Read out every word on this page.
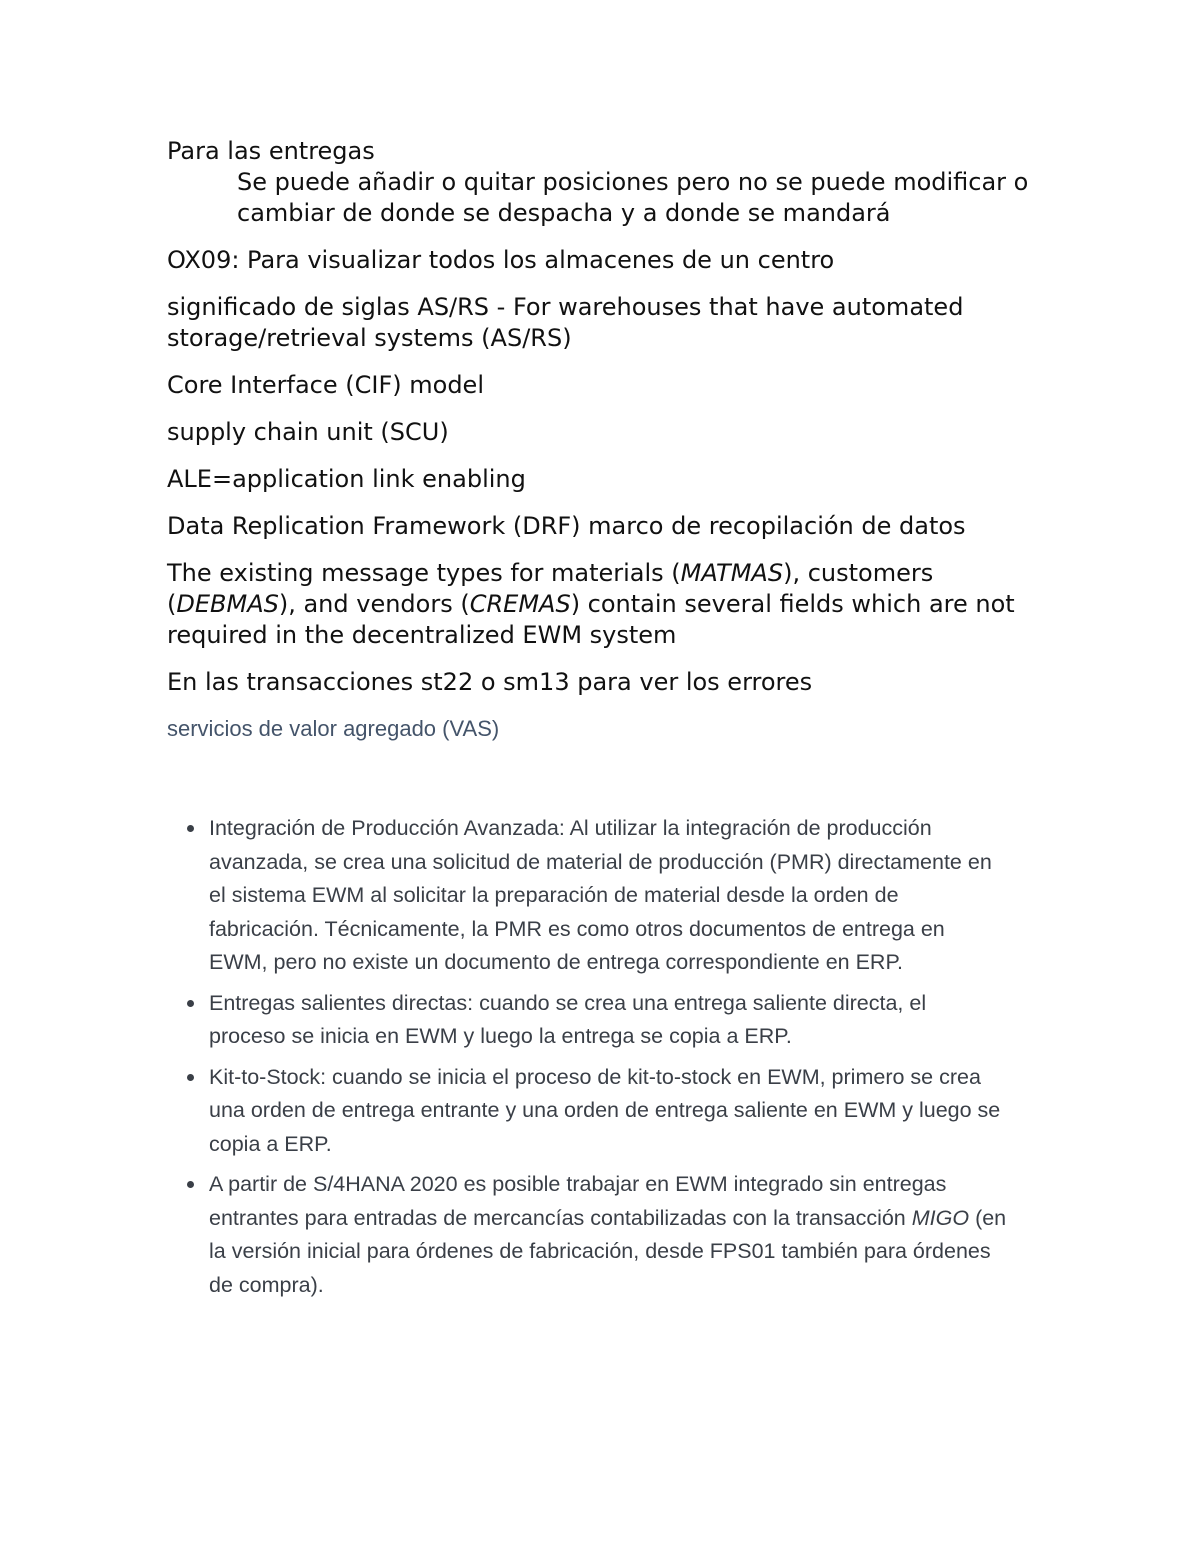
Para las entregas

Se puede añadir o quitar posiciones pero no se puede modificar o cambiar de donde se despacha y a donde se mandará

OX09: Para visualizar todos los almacenes de un centro

significado de siglas AS/RS - For warehouses that have automated storage/retrieval systems (AS/RS)

Core Interface (CIF) model

supply chain unit (SCU)

ALE=application link enabling

Data Replication Framework (DRF) marco de recopilación de datos

The existing message types for materials (MATMAS), customers (DEBMAS), and vendors (CREMAS) contain several fields which are not required in the decentralized EWM system

En las transacciones st22 o sm13 para ver los errores

servicios de valor agregado (VAS)

Integración de Producción Avanzada: Al utilizar la integración de producción avanzada, se crea una solicitud de material de producción (PMR) directamente en el sistema EWM al solicitar la preparación de material desde la orden de fabricación. Técnicamente, la PMR es como otros documentos de entrega en EWM, pero no existe un documento de entrega correspondiente en ERP.
Entregas salientes directas: cuando se crea una entrega saliente directa, el proceso se inicia en EWM y luego la entrega se copia a ERP.
Kit-to-Stock: cuando se inicia el proceso de kit-to-stock en EWM, primero se crea una orden de entrega entrante y una orden de entrega saliente en EWM y luego se copia a ERP.
A partir de S/4HANA 2020 es posible trabajar en EWM integrado sin entregas entrantes para entradas de mercancías contabilizadas con la transacción MIGO (en la versión inicial para órdenes de fabricación, desde FPS01 también para órdenes de compra).
